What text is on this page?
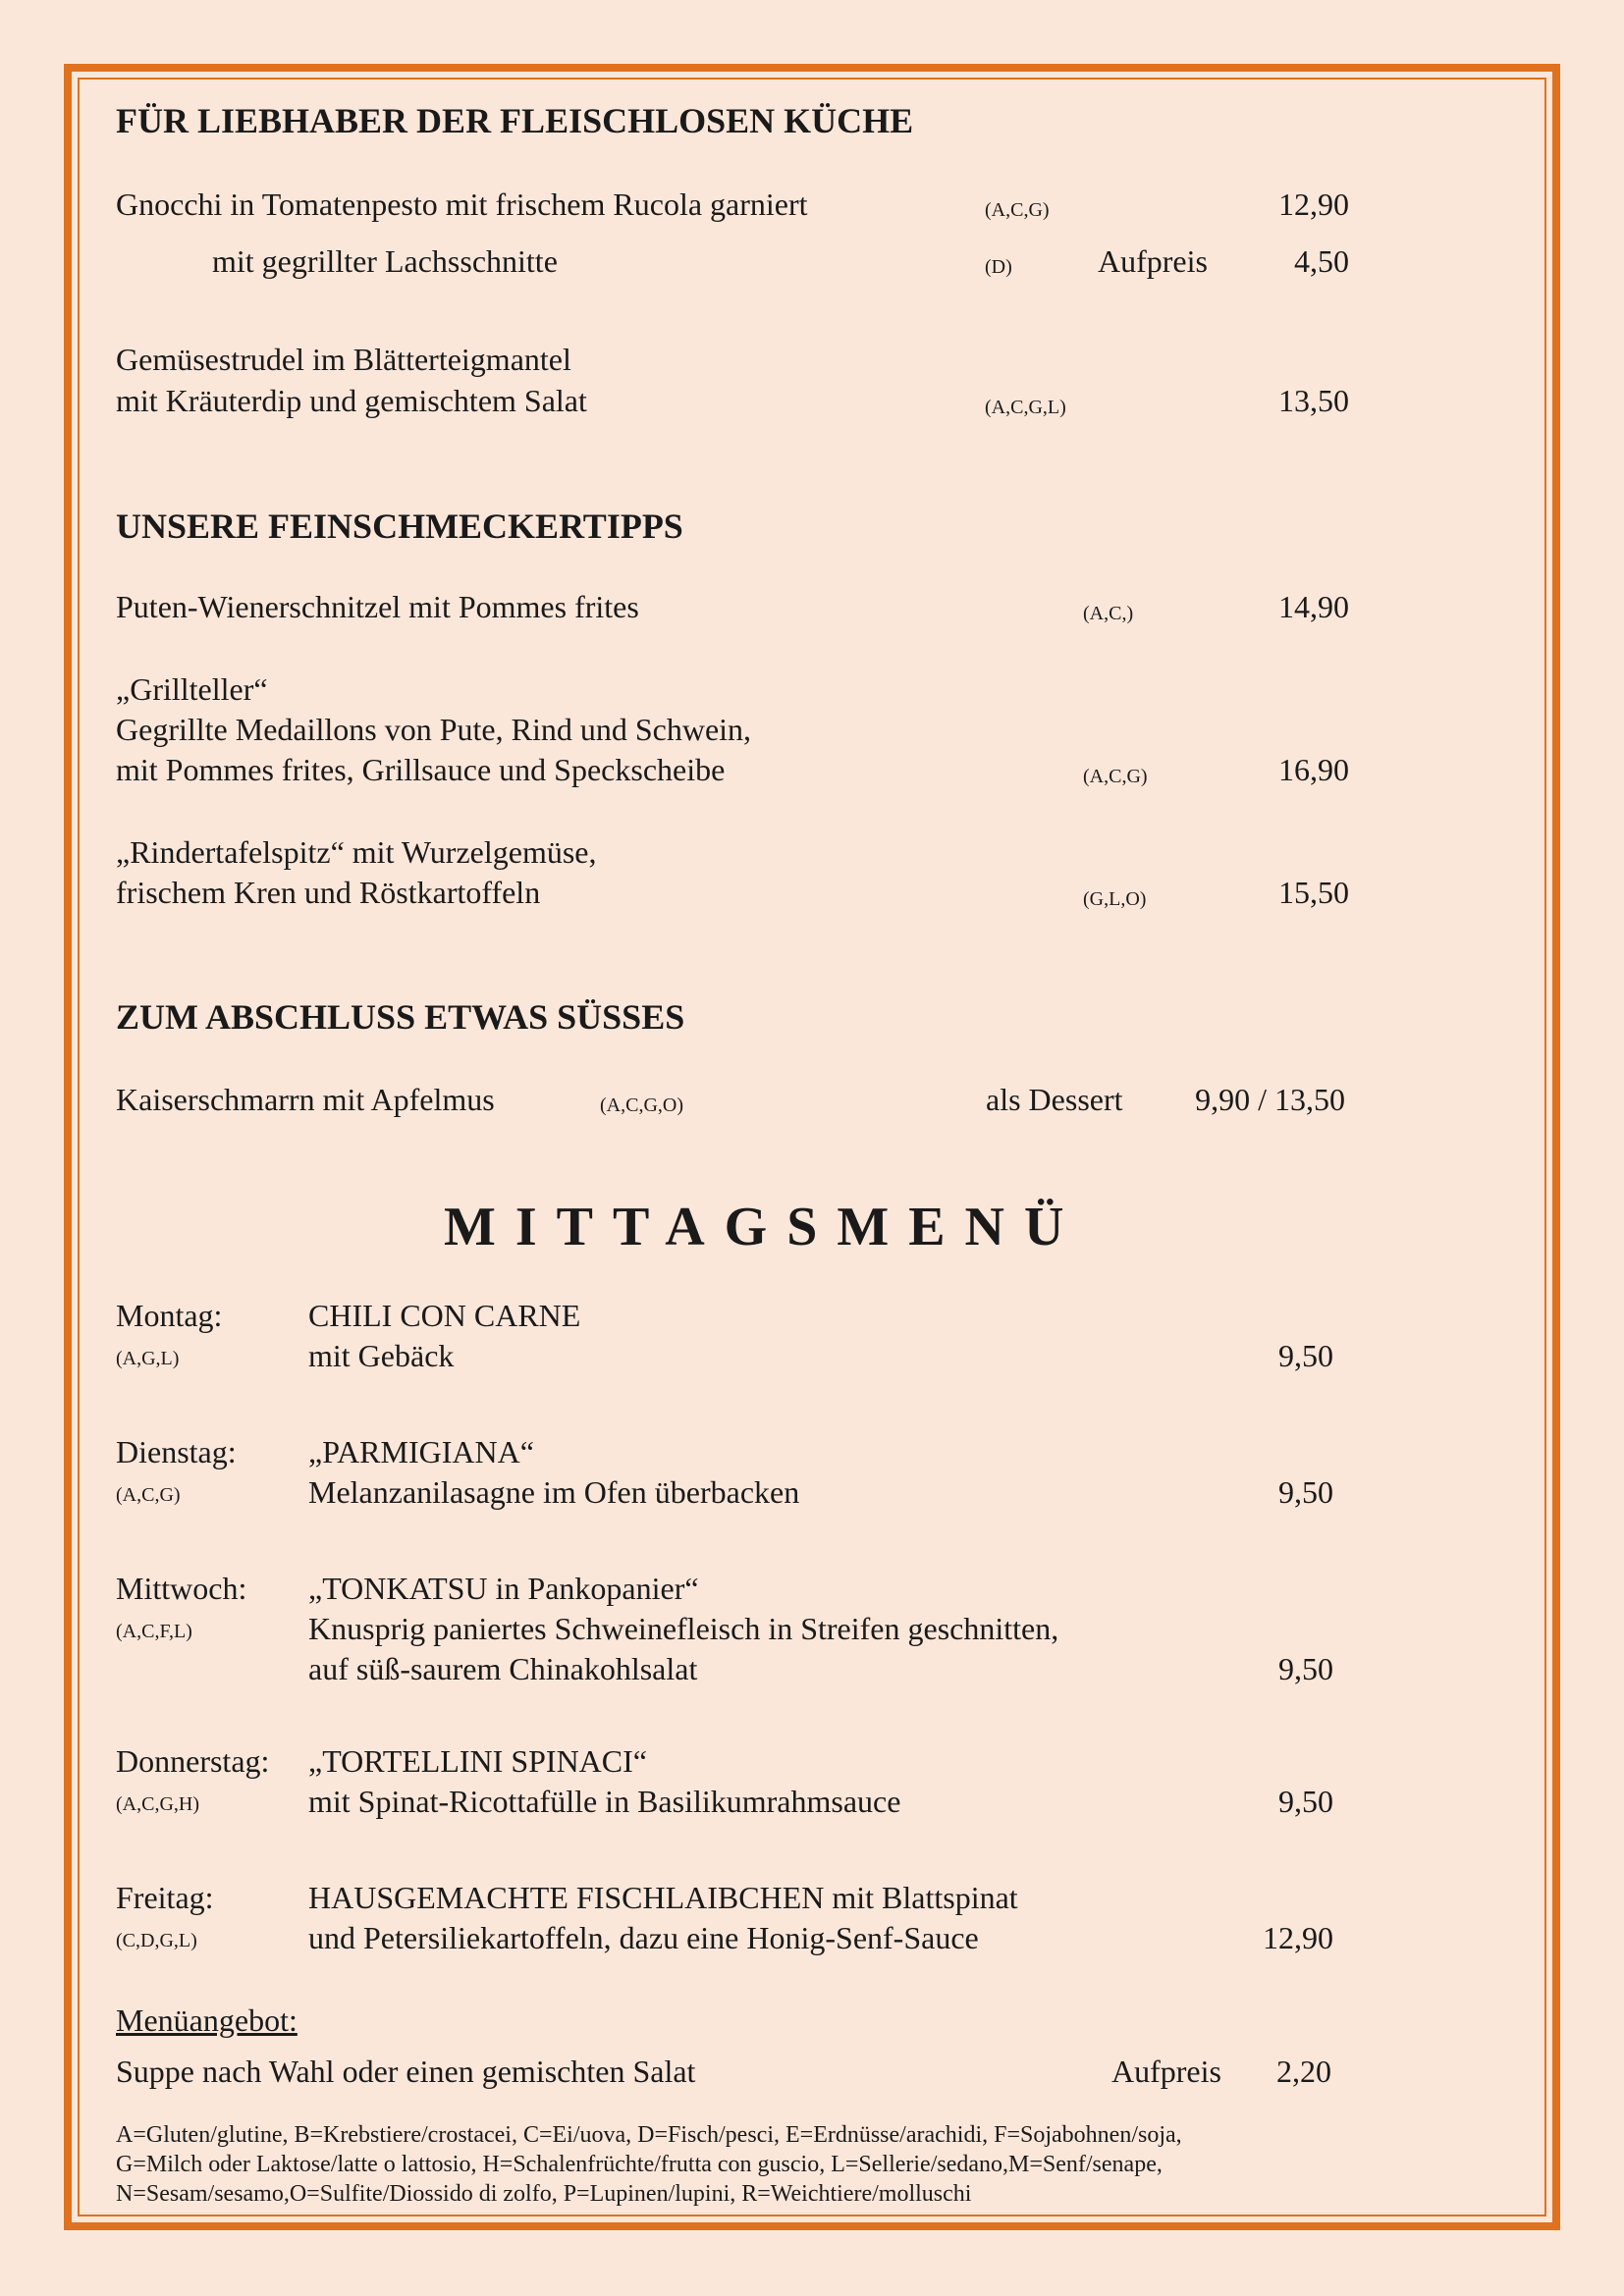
FÜR LIEBHABER DER FLEISCHLOSEN KÜCHE
Gnocchi in Tomatenpesto mit frischem Rucola garniert	(A,C,G)	12,90
mit gegrillter Lachsschnitte	(D)	Aufpreis	4,50
Gemüsestrudel im Blätterteigmantel
mit Kräuterdip und gemischtem Salat	(A,C,G,L)	13,50
UNSERE FEINSCHMECKERTIPPS
Puten-Wienerschnitzel mit Pommes frites	(A,C,)	14,90
„Grillteller“
Gegrillte Medaillons von Pute, Rind und Schwein,
mit Pommes frites, Grillsauce und Speckscheibe	(A,C,G)	16,90
„Rindertafelspitz“ mit Wurzelgemüse,
frischem Kren und Röstkartoffeln	(G,L,O)	15,50
ZUM ABSCHLUSS ETWAS SÜSSES
Kaiserschmarrn mit Apfelmus	(A,C,G,O)	als Dessert	9,90 / 13,50
MITTAGSMENÜ
Montag:
(A,G,L)
CHILI CON CARNE
mit Gebäck	9,50
Dienstag:
(A,C,G)
„PARMIGIANA“
Melanzanilasagne im Ofen überbacken	9,50
Mittwoch:
(A,C,F,L)
„TONKATSU in Pankopanier“
Knusprig paniertes Schweinefleisch in Streifen geschnitten,
auf süß-saurem Chinakohlsalat	9,50
Donnerstag:
(A,C,G,H)
„TORTELLINI SPINACI“
mit Spinat-Ricottafülle in Basilikumrahmsauce	9,50
Freitag:
(C,D,G,L)
HAUSGEMACHTE FISCHLAIBCHEN mit Blattspinat
und Petersiliekartoffeln, dazu eine Honig-Senf-Sauce	12,90
Menüangebot:
Suppe nach Wahl oder einen gemischten Salat	Aufpreis	2,20
A=Gluten/glutine, B=Krebstiere/crostacei, C=Ei/uova, D=Fisch/pesci, E=Erdnüsse/arachidi, F=Sojabohnen/soja,
G=Milch oder Laktose/latte o lattosio, H=Schalenfrüchte/frutta con guscio, L=Sellerie/sedano,M=Senf/senape,
N=Sesam/sesamo,O=Sulfite/Diossido di zolfo, P=Lupinen/lupini, R=Weichtiere/molluschi
